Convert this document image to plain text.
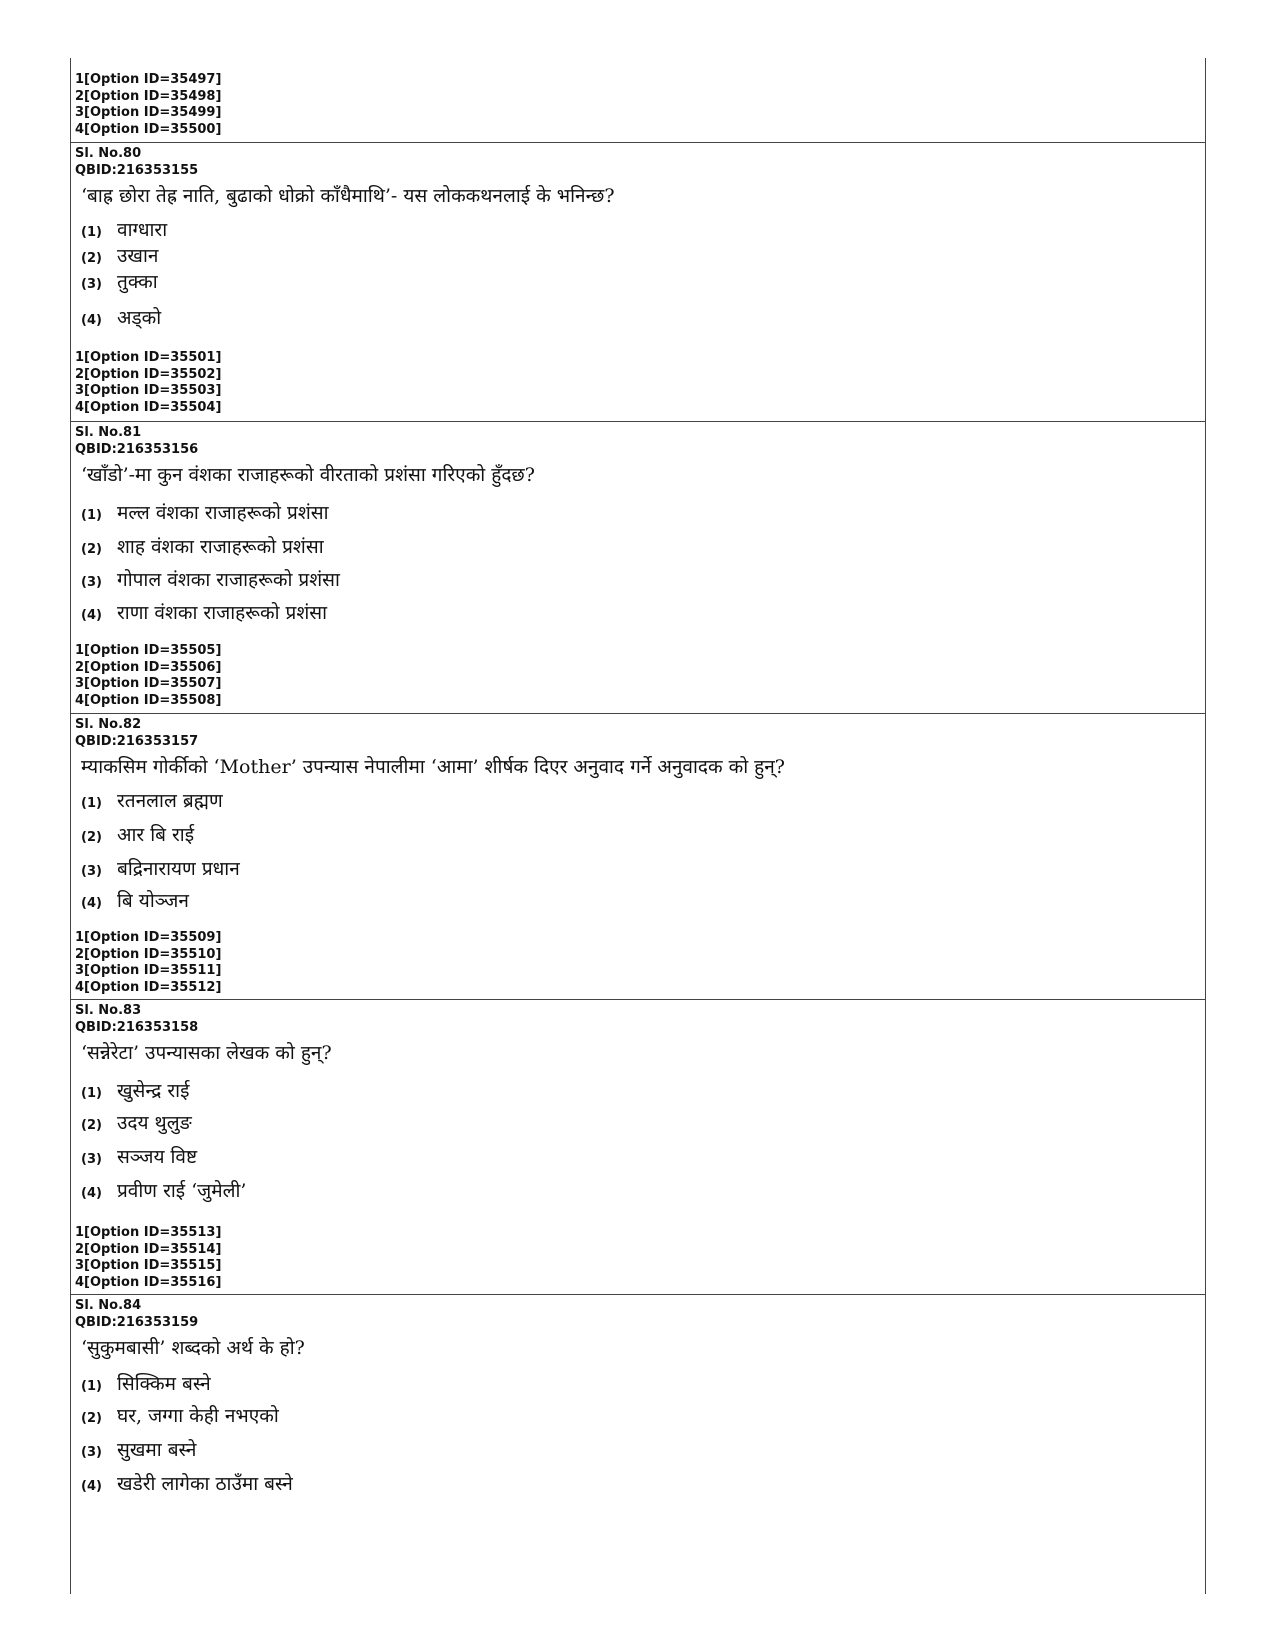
1[Option ID=35497]
2[Option ID=35498]
3[Option ID=35499]
4[Option ID=35500]
Sl. No.80
QBID:216353155
‘बाह्र छोरा तेह्र नाति, बुढाको धोक्रो काँधैमाथि’- यस लोककथनलाई के भनिन्छ?
(1) वाग्धारा
(2) उखान
(3) तुक्का
(4) अड्को
1[Option ID=35501]
2[Option ID=35502]
3[Option ID=35503]
4[Option ID=35504]
Sl. No.81
QBID:216353156
‘खाँडो’-मा कुन वंशका राजाहरूको वीरताको प्रशंसा गरिएको हुँदछ?
(1) मल्ल वंशका राजाहरूको प्रशंसा
(2) शाह वंशका राजाहरूको प्रशंसा
(3) गोपाल वंशका राजाहरूको प्रशंसा
(4) राणा वंशका राजाहरूको प्रशंसा
1[Option ID=35505]
2[Option ID=35506]
3[Option ID=35507]
4[Option ID=35508]
Sl. No.82
QBID:216353157
म्याकसिम गोर्कीको ‘Mother’ उपन्यास नेपालीमा ‘आमा’ शीर्षक दिएर अनुवाद गर्ने अनुवादक को हुन्?
(1) रतनलाल ब्रह्मण
(2) आर बि राई
(3) बद्रिनारायण प्रधान
(4) बि योञ्जन
1[Option ID=35509]
2[Option ID=35510]
3[Option ID=35511]
4[Option ID=35512]
Sl. No.83
QBID:216353158
‘सन्नेरेटा’ उपन्यासका लेखक को हुन्?
(1) खुसेन्द्र राई
(2) उदय थुलुङ
(3) सञ्जय विष्ट
(4) प्रवीण राई ‘जुमेली’
1[Option ID=35513]
2[Option ID=35514]
3[Option ID=35515]
4[Option ID=35516]
Sl. No.84
QBID:216353159
‘सुकुमबासी’ शब्दको अर्थ के हो?
(1) सिक्किम बस्ने
(2) घर, जग्गा केही नभएको
(3) सुखमा बस्ने
(4) खडेरी लागेका ठाउँमा बस्ने
